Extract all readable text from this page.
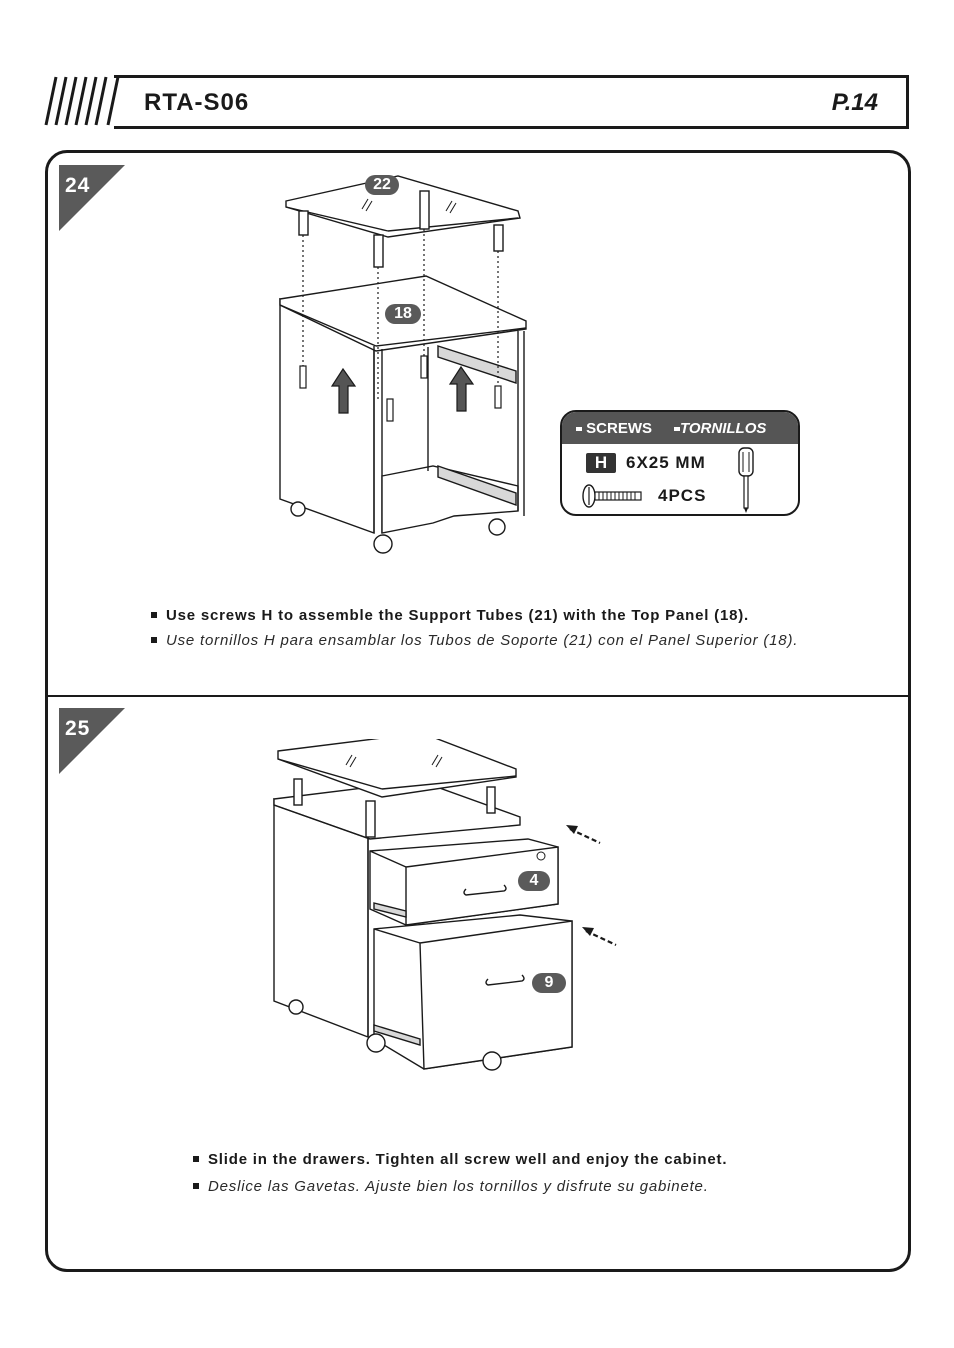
RTA-S06	P.14
24	22
18
SCREWS	TORNILLOS
H	6X25 MM
4PCS
Use screws H to assemble the Support Tubes (21) with the Top Panel (18).
Use tornillos H para ensamblar los Tubos de Soporte (21) con el Panel Superior (18).
25
4
9
Slide in the drawers. Tighten all screw well and enjoy the cabinet.
Deslice las Gavetas. Ajuste bien los tornillos y disfrute su gabinete.
